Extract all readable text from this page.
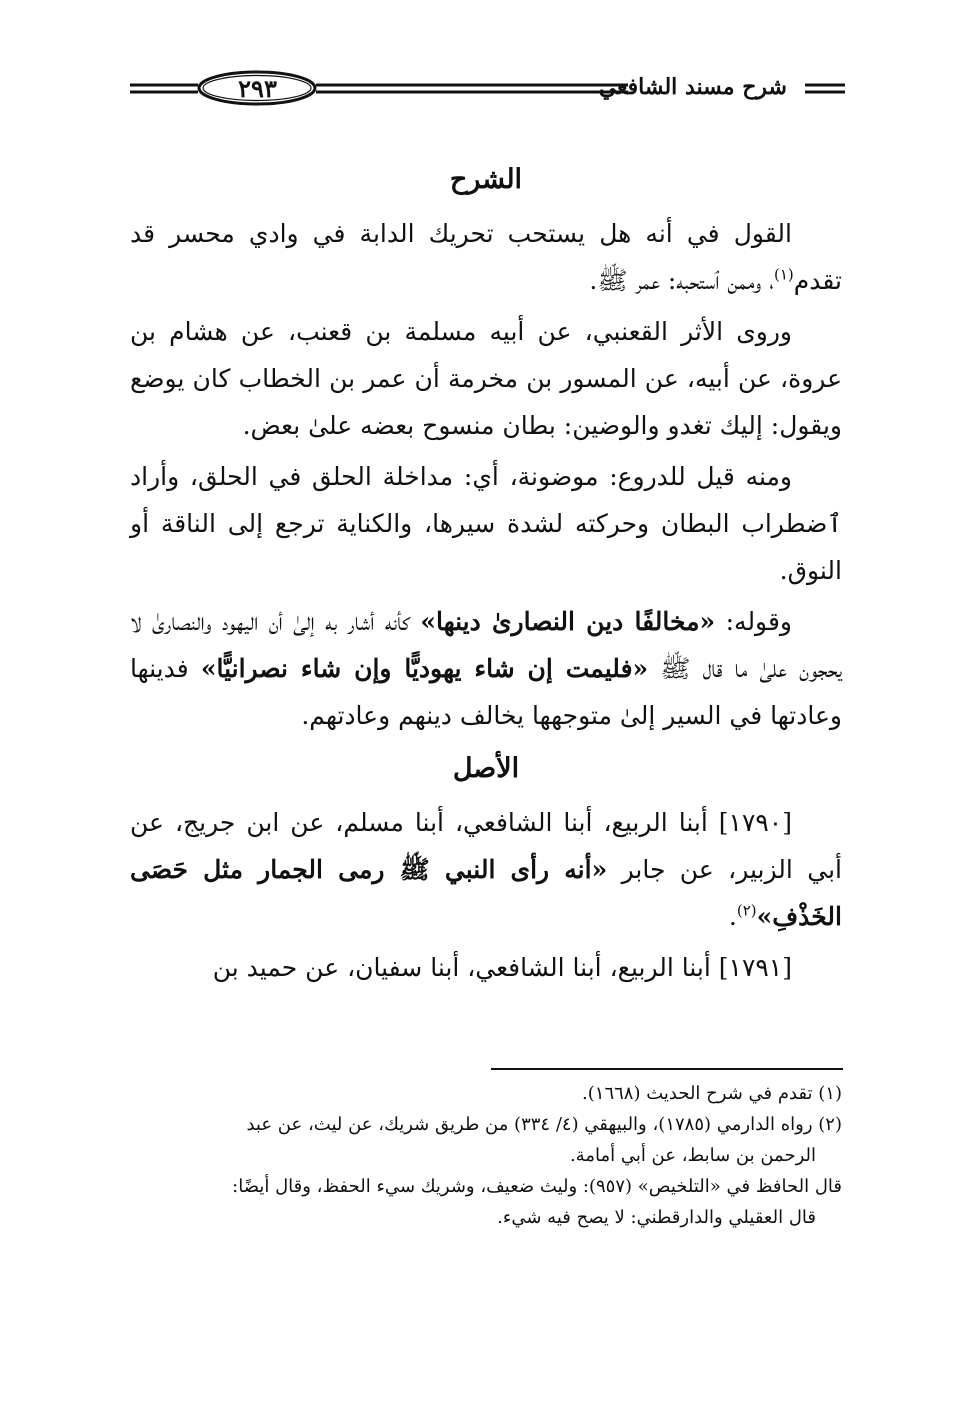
٢٩٣	شرح مسند الشافعي
الشرح

القول في أنه هل يستحب تحريك الدابة في وادي محسر قد تقدم$^{(١)}$، وممن ٱستحبه: عمر ﷺ.

وروى الأثر القعنبي، عن أبيه مسلمة بن قعنب، عن هشام بن عروة، عن أبيه، عن المسور بن مخرمة أن عمر بن الخطاب كان يوضع ويقول: إليك تغدو والوضين: بطان منسوح بعضه علىٰ بعض.

ومنه قيل للدروع: موضونة، أي: مداخلة الحلق في الحلق، وأراد ٱضطراب البطان وحركته لشدة سيرها، والكناية ترجع إلى الناقة أو النوق.

وقوله: «مخالفًا دين النصارىٰ دينها» كأنه أشار به إلىٰ أن اليهود والنصارىٰ لا يحجون علىٰ ما قال ﷺ «فليمت إن شاء يهوديًّا وإن شاء نصرانيًّا» فدينها وعادتها في السير إلىٰ متوجهها يخالف دينهم وعادتهم.

الأصل

[١٧٩٠] أبنا الربيع، أبنا الشافعي، أبنا مسلم، عن ابن جريج، عن أبي الزبير، عن جابر «أنه رأى النبي ﷺ رمى الجمار مثل حَصَى الخَذْفِ»$^{(٢)}$.

[١٧٩١] أبنا الربيع، أبنا الشافعي، أبنا سفيان، عن حميد بن

(١) تقدم في شرح الحديث (١٦٦٨).

(٢) رواه الدارمي (١٧٨٥)، والبيهقي (٤/ ٣٣٤) من طريق شريك، عن ليث، عن عبد
الرحمن بن سابط، عن أبي أمامة.

قال الحافظ في «التلخيص» (٩٥٧): وليث ضعيف، وشريك سيء الحفظ، وقال أيضًا:
قال العقيلي والدارقطني: لا يصح فيه شيء.
